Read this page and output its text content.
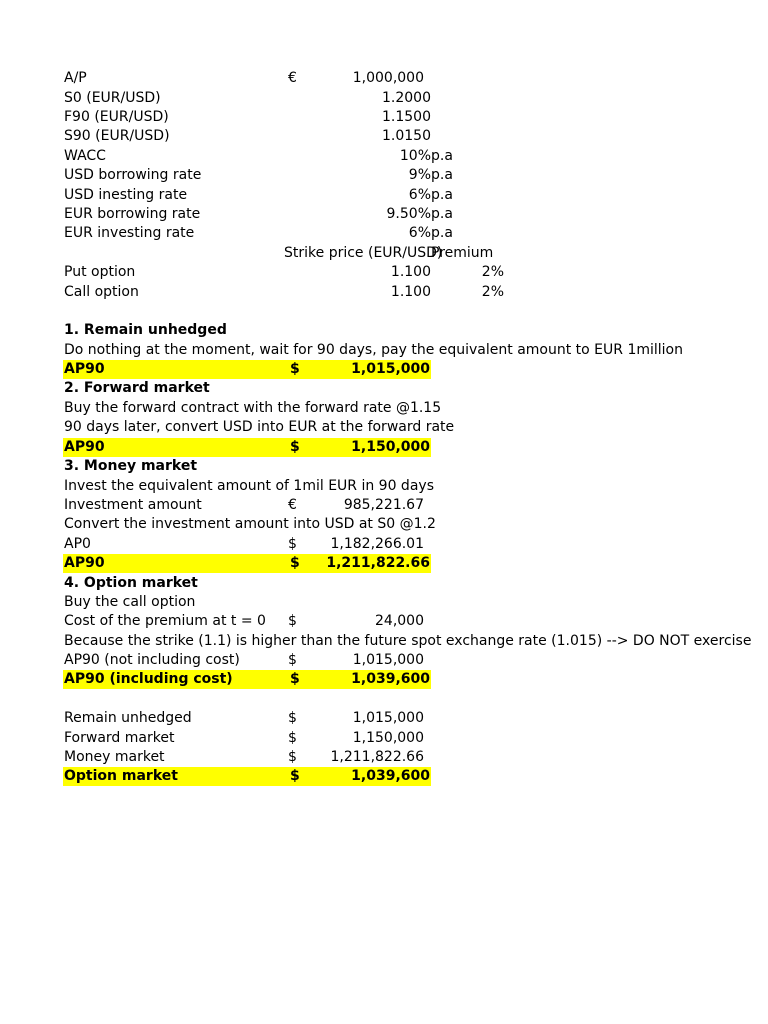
A/P	€	1,000,000
S0 (EUR/USD)	1.2000
F90 (EUR/USD)	1.1500
S90 (EUR/USD)	1.0150
WACC	10% p.a
USD borrowing rate	9% p.a
USD inesting rate	6% p.a
EUR borrowing rate	9.50% p.a
EUR investing rate	6% p.a
Strike price (EUR/USD)
Premium
Put option	1.100	2%
Call option	1.100	2%
1. Remain unhedged
Do nothing at the moment, wait for 90 days, pay the equivalent amount to EUR 1million
AP90	$	1,015,000
2. Forward market
Buy the forward contract with the forward rate @1.15
90 days later, convert USD into EUR at the forward rate
AP90	$	1,150,000
3. Money market
Invest the equivalent amount of 1mil EUR in 90 days
Investment amount	€	985,221.67
Convert the investment amount into USD at S0 @1.2
AP0	$ 1,182,266.01
AP90	$ 1,211,822.66
4. Option market
Buy the call option
Cost of the premium at t = 0 $	24,000
Because the strike (1.1) is higher than the future spot exchange rate (1.015) --> DO NOT exercise
AP90 (not including cost)	$	1,015,000
AP90 (including cost)	$	1,039,600
Remain unhedged	$	1,015,000
Forward market	$	1,150,000
Money market	$ 1,211,822.66
Option market	$	1,039,600
